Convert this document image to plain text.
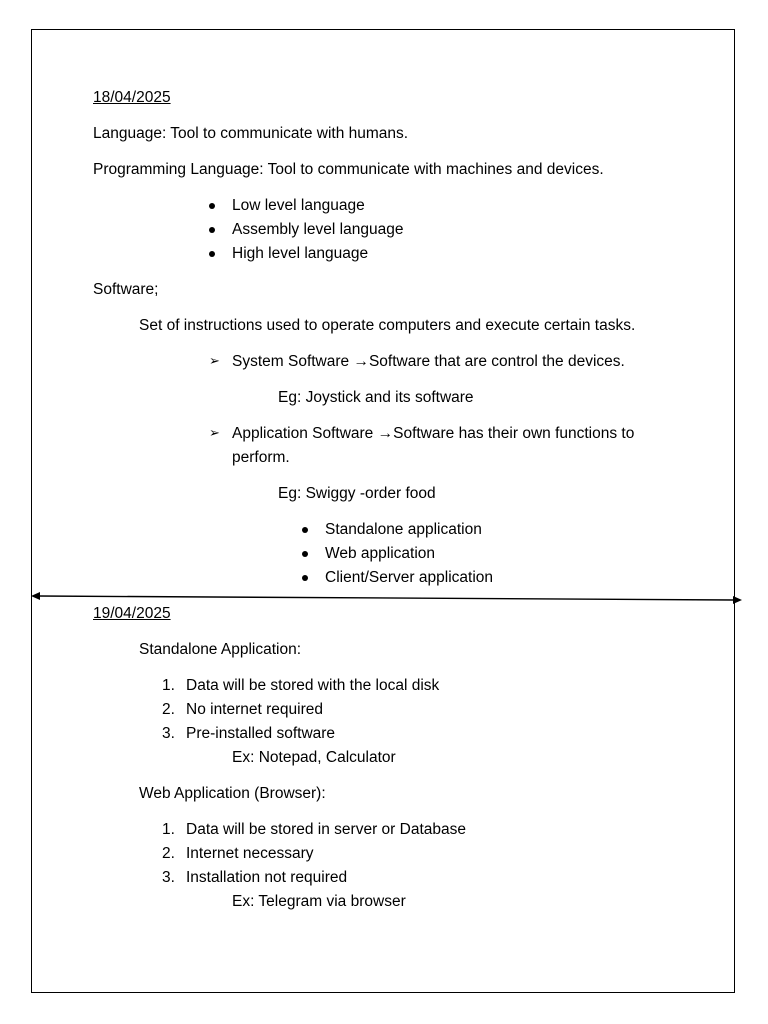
18/04/2025
Language: Tool to communicate with humans.
Programming Language: Tool to communicate with machines and devices.
Low level language
Assembly level language
High level language
Software;
Set of instructions used to operate computers and execute certain tasks.
➢ System Software →Software that are control the devices.
Eg: Joystick and its software
➢ Application Software →Software has their own functions to
perform.
Eg: Swiggy -order food
Standalone application
Web application
Client/Server application
19/04/2025
Standalone Application:
1. Data will be stored with the local disk
2. No internet required
3. Pre-installed software
Ex: Notepad, Calculator
Web Application (Browser):
1. Data will be stored in server or Database
2. Internet necessary
3. Installation not required
Ex: Telegram via browser
